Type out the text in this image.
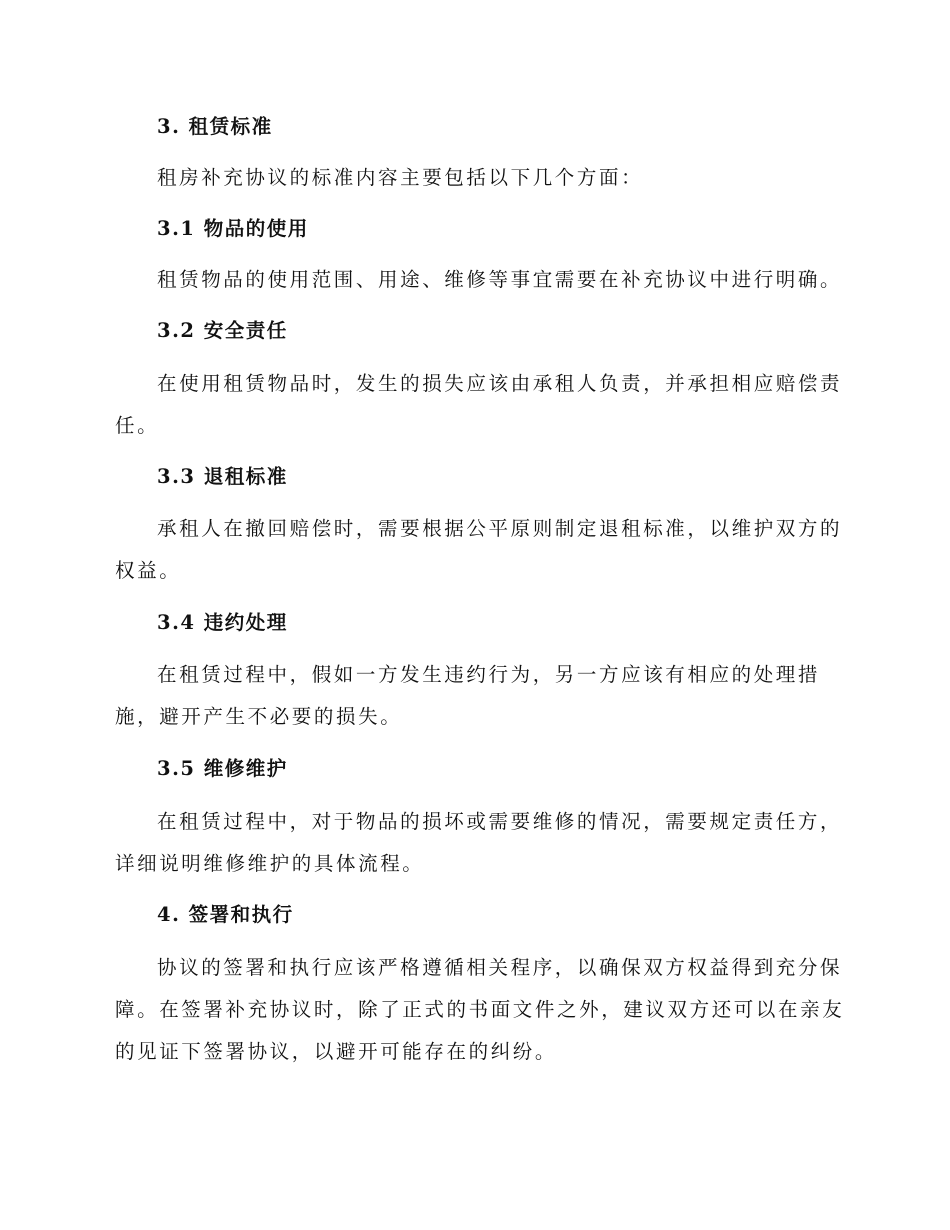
3. 租赁标准

租房补充协议的标准内容主要包括以下几个方面：

3.1 物品的使用

租赁物品的使用范围、用途、维修等事宜需要在补充协议中进行明确。

3.2 安全责任

在使用租赁物品时，发生的损失应该由承租人负责，并承担相应赔偿责

任。

3.3 退租标准

承租人在撤回赔偿时，需要根据公平原则制定退租标准，以维护双方的

权益。

3.4 违约处理

在租赁过程中，假如一方发生违约行为，另一方应该有相应的处理措

施，避开产生不必要的损失。

3.5 维修维护

在租赁过程中，对于物品的损坏或需要维修的情况，需要规定责任方，

详细说明维修维护的具体流程。

4. 签署和执行

协议的签署和执行应该严格遵循相关程序，以确保双方权益得到充分保

障。在签署补充协议时，除了正式的书面文件之外，建议双方还可以在亲友

的见证下签署协议，以避开可能存在的纠纷。
